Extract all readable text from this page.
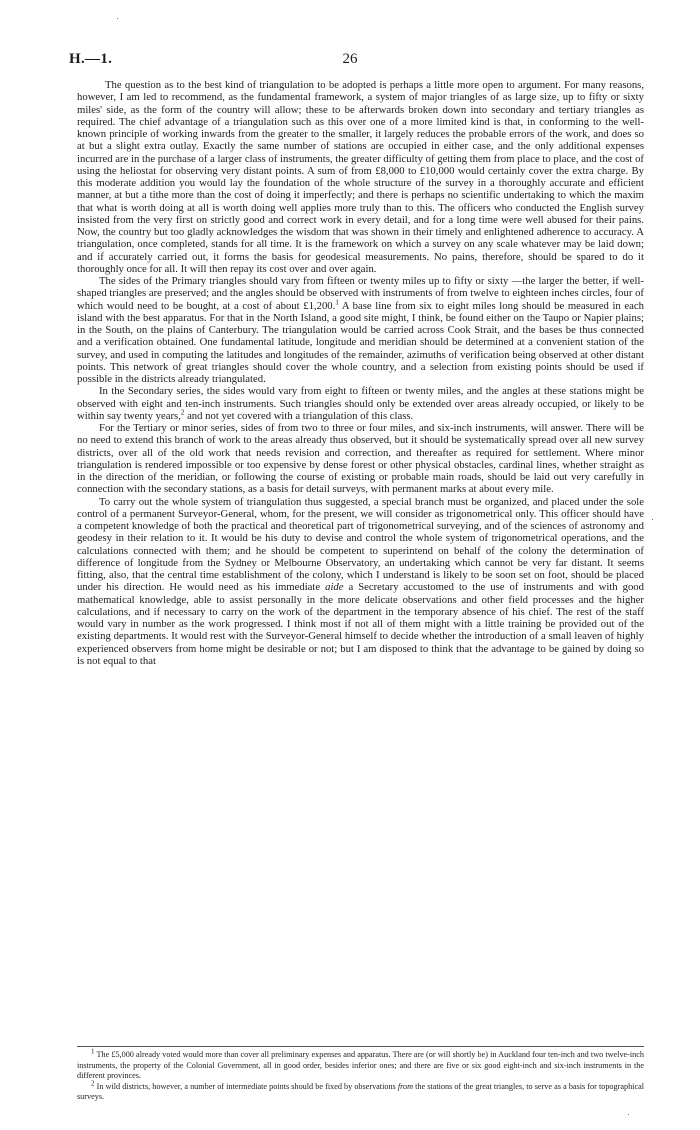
H.—1.	26

The question as to the best kind of triangulation to be adopted is perhaps a little more open to argument. For many reasons, however, I am led to recommend, as the fundamental framework, a system of major triangles of as large size, up to fifty or sixty miles' side, as the form of the country will allow; these to be afterwards broken down into secondary and tertiary triangles as required. The chief advantage of a triangulation such as this over one of a more limited kind is that, in conforming to the well-known principle of working inwards from the greater to the smaller, it largely reduces the probable errors of the work, and does so at but a slight extra outlay. Exactly the same number of stations are occupied in either case, and the only additional expenses incurred are in the purchase of a larger class of instruments, the greater difficulty of getting them from place to place, and the cost of using the heliostat for observing very distant points. A sum of from £8,000 to £10,000 would certainly cover the extra charge. By this moderate addition you would lay the foundation of the whole structure of the survey in a thoroughly accurate and efficient manner, at but a tithe more than the cost of doing it imperfectly; and there is perhaps no scientific undertaking to which the maxim that what is worth doing at all is worth doing well applies more truly than to this. The officers who conducted the English survey insisted from the very first on strictly good and correct work in every detail, and for a long time were well abused for their pains. Now, the country but too gladly acknowledges the wisdom that was shown in their timely and enlightened adherence to accuracy. A triangulation, once completed, stands for all time. It is the framework on which a survey on any scale whatever may be laid down; and if accurately carried out, it forms the basis for geodesical measurements. No pains, therefore, should be spared to do it thoroughly once for all. It will then repay its cost over and over again.

The sides of the Primary triangles should vary from fifteen or twenty miles up to fifty or sixty —the larger the better, if well-shaped triangles are preserved; and the angles should be observed with instruments of from twelve to eighteen inches circles, four of which would need to be bought, at a cost of about £1,200.$^1$ A base line from six to eight miles long should be measured in each island with the best apparatus. For that in the North Island, a good site might, I think, be found either on the Taupo or Napier plains; in the South, on the plains of Canterbury. The triangulation would be carried across Cook Strait, and the bases be thus connected and a verification obtained. One fundamental latitude, longitude and meridian should be determined at a convenient station of the survey, and used in computing the latitudes and longitudes of the remainder, azimuths of verification being observed at other distant points. This network of great triangles should cover the whole country, and a selection from existing points should be used if possible in the districts already triangulated.

In the Secondary series, the sides would vary from eight to fifteen or twenty miles, and the angles at these stations might be observed with eight and ten-inch instruments. Such triangles should only be extended over areas already occupied, or likely to be within say twenty years,$^2$ and not yet covered with a triangulation of this class.

For the Tertiary or minor series, sides of from two to three or four miles, and six-inch instruments, will answer. There will be no need to extend this branch of work to the areas already thus observed, but it should be systematically spread over all new survey districts, over all of the old work that needs revision and correction, and thereafter as required for settlement. Where minor triangulation is rendered impossible or too expensive by dense forest or other physical obstacles, cardinal lines, whether straight as in the direction of the meridian, or following the course of existing or probable main roads, should be laid out very carefully in connection with the secondary stations, as a basis for detail surveys, with permanent marks at about every mile.

To carry out the whole system of triangulation thus suggested, a special branch must be organized, and placed under the sole control of a permanent Surveyor-General, whom, for the present, we will consider as trigonometrical only. This officer should have a competent knowledge of both the practical and theoretical part of trigonometrical surveying, and of the sciences of astronomy and geodesy in their relation to it. It would be his duty to devise and control the whole system of trigonometrical operations, and the calculations connected with them; and he should be competent to superintend on behalf of the colony the determination of difference of longitude from the Sydney or Melbourne Observatory, an undertaking which cannot be very far distant. It seems fitting, also, that the central time establishment of the colony, which I understand is likely to be soon set on foot, should be placed under his direction. He would need as his immediate aide a Secretary accustomed to the use of instruments and with good mathematical knowledge, able to assist personally in the more delicate observations and other field processes and the higher calculations, and if necessary to carry on the work of the department in the temporary absence of his chief. The rest of the staff would vary in number as the work progressed. I think most if not all of them might with a little training be provided out of the existing departments. It would rest with the Surveyor-General himself to decide whether the introduction of a small leaven of highly experienced observers from home might be desirable or not; but I am disposed to think that the advantage to be gained by doing so is not equal to that

$^1$ The £5,000 already voted would more than cover all preliminary expenses and apparatus. There are (or will shortly be) in Auckland four ten-inch and two twelve-inch instruments, the property of the Colonial Government, all in good order, besides inferior ones; and there are five or six good eight-inch and six-inch instruments in the different provinces.

$^2$ In wild districts, however, a number of intermediate points should be fixed by observations from the stations of the great triangles, to serve as a basis for topographical surveys.
